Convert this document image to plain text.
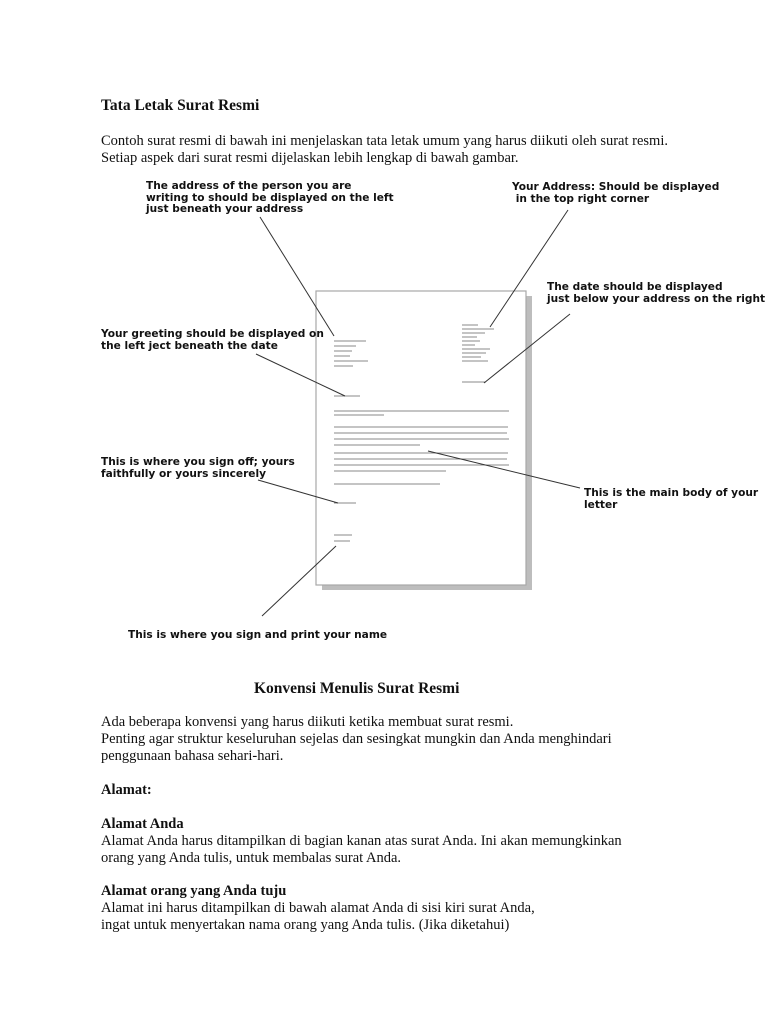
Tata Letak Surat Resmi
Contoh surat resmi di bawah ini menjelaskan tata letak umum yang harus diikuti oleh surat resmi.
Setiap aspek dari surat resmi dijelaskan lebih lengkap di bawah gambar.
The address of the person you are
writing to should be displayed on the left
just beneath your address
Your Address: Should be displayed
in the top right corner
The date should be displayed
just below your address on the right
Your greeting should be displayed on
the left ject beneath the date
This is where you sign off; yours
faithfully or yours sincerely
This is the main body of your
letter
This is where you sign and print your name
Konvensi Menulis Surat Resmi
Ada beberapa konvensi yang harus diikuti ketika membuat surat resmi.
Penting agar struktur keseluruhan sejelas dan sesingkat mungkin dan Anda menghindari
penggunaan bahasa sehari-hari.
Alamat:
Alamat Anda
Alamat Anda harus ditampilkan di bagian kanan atas surat Anda. Ini akan memungkinkan
orang yang Anda tulis, untuk membalas surat Anda.
Alamat orang yang Anda tuju
Alamat ini harus ditampilkan di bawah alamat Anda di sisi kiri surat Anda,
ingat untuk menyertakan nama orang yang Anda tulis. (Jika diketahui)
